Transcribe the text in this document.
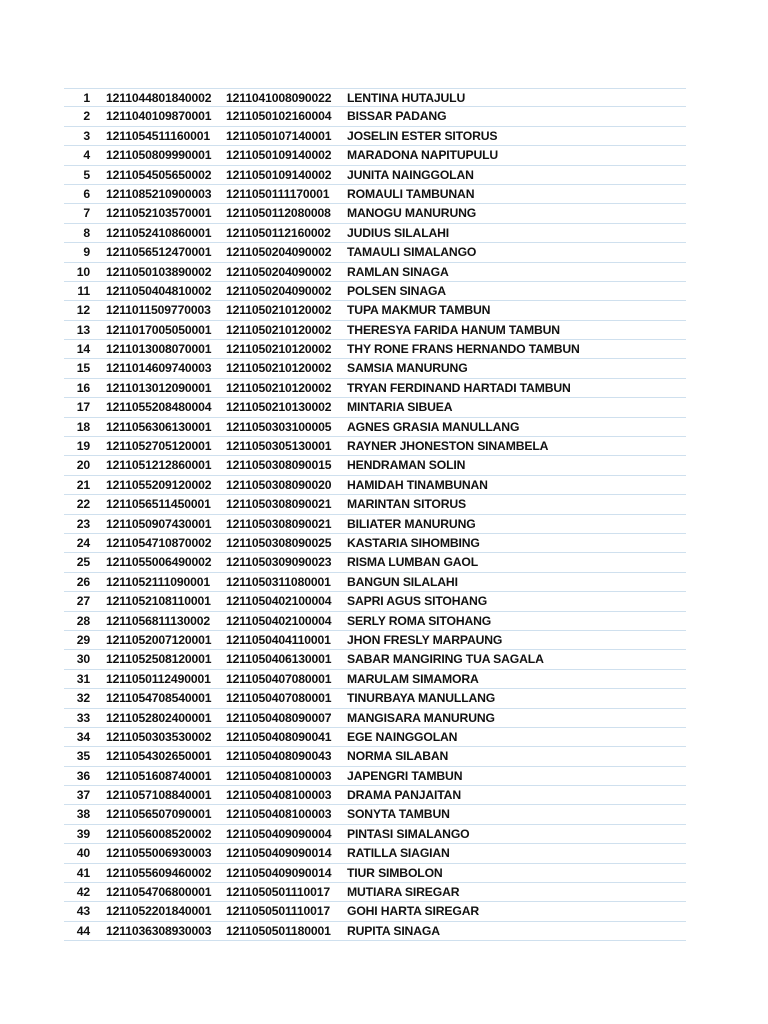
1 1211044801840002 1211041008090022 LENTINA HUTAJULU
2 1211040109870001 1211050102160004 BISSAR PADANG
3 1211054511160001 1211050107140001 JOSELIN ESTER SITORUS
4 1211050809990001 1211050109140002 MARADONA NAPITUPULU
5 1211054505650002 1211050109140002 JUNITA NAINGGOLAN
6 1211085210900003 1211050111170001 ROMAULI TAMBUNAN
7 1211052103570001 1211050112080008 MANOGU MANURUNG
8 1211052410860001 1211050112160002 JUDIUS SILALAHI
9 1211056512470001 1211050204090002 TAMAULI SIMALANGO
10 1211050103890002 1211050204090002 RAMLAN SINAGA
11 1211050404810002 1211050204090002 POLSEN SINAGA
12 1211011509770003 1211050210120002 TUPA MAKMUR TAMBUN
13 1211017005050001 1211050210120002 THERESYA FARIDA HANUM TAMBUN
14 1211013008070001 1211050210120002 THY RONE FRANS HERNANDO TAMBUN
15 1211014609740003 1211050210120002 SAMSIA MANURUNG
16 1211013012090001 1211050210120002 TRYAN FERDINAND HARTADI TAMBUN
17 1211055208480004 1211050210130002 MINTARIA SIBUEA
18 1211056306130001 1211050303100005 AGNES GRASIA MANULLANG
19 1211052705120001 1211050305130001 RAYNER JHONESTON SINAMBELA
20 1211051212860001 1211050308090015 HENDRAMAN SOLIN
21 1211055209120002 1211050308090020 HAMIDAH TINAMBUNAN
22 1211056511450001 1211050308090021 MARINTAN SITORUS
23 1211050907430001 1211050308090021 BILIATER MANURUNG
24 1211054710870002 1211050308090025 KASTARIA SIHOMBING
25 1211055006490002 1211050309090023 RISMA LUMBAN GAOL
26 1211052111090001 1211050311080001 BANGUN SILALAHI
27 1211052108110001 1211050402100004 SAPRI AGUS SITOHANG
28 1211056811130002 1211050402100004 SERLY ROMA SITOHANG
29 1211052007120001 1211050404110001 JHON FRESLY MARPAUNG
30 1211052508120001 1211050406130001 SABAR MANGIRING TUA SAGALA
31 1211050112490001 1211050407080001 MARULAM SIMAMORA
32 1211054708540001 1211050407080001 TINURBAYA MANULLANG
33 1211052802400001 1211050408090007 MANGISARA MANURUNG
34 1211050303530002 1211050408090041 EGE NAINGGOLAN
35 1211054302650001 1211050408090043 NORMA SILABAN
36 1211051608740001 1211050408100003 JAPENGRI TAMBUN
37 1211057108840001 1211050408100003 DRAMA PANJAITAN
38 1211056507090001 1211050408100003 SONYTA TAMBUN
39 1211056008520002 1211050409090004 PINTASI SIMALANGO
40 1211055006930003 1211050409090014 RATILLA SIAGIAN
41 1211055609460002 1211050409090014 TIUR SIMBOLON
42 1211054706800001 1211050501110017 MUTIARA SIREGAR
43 1211052201840001 1211050501110017 GOHI HARTA SIREGAR
44 1211036308930003 1211050501180001 RUPITA SINAGA
